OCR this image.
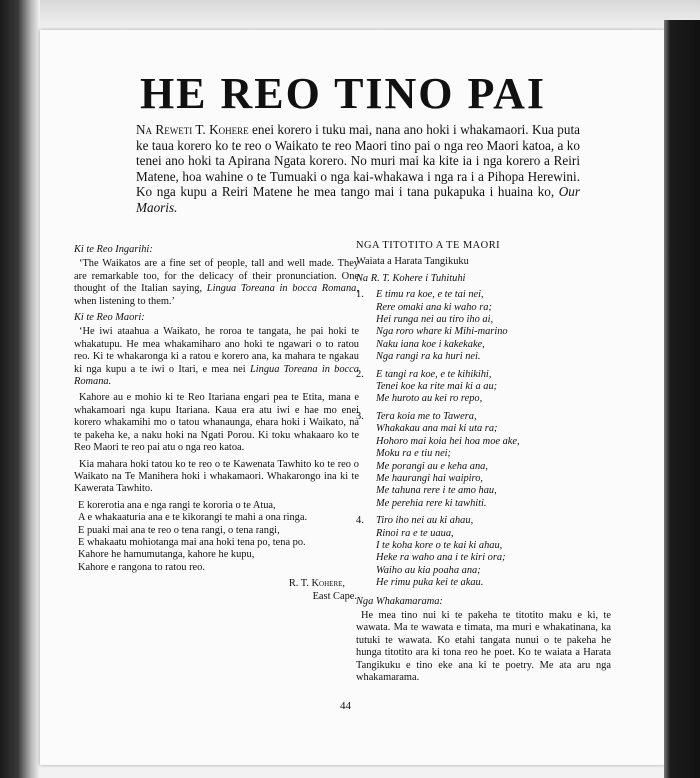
HE REO TINO PAI

Na Reweti T. Kohere enei korero i tuku mai, nana ano hoki i whakamaori. Kua puta ke taua korero ko te reo o Waikato te reo Maori tino pai o nga reo Maori katoa, a ko tenei ano hoki ta Apirana Ngata korero. No muri mai ka kite ia i nga korero a Reiri Matene, hoa wahine o te Tumuaki o nga kai-whakawa i nga ra i a Pihopa Herewini. Ko nga kupu a Reiri Matene he mea tango mai i tana pukapuka i huaina ko, Our Maoris.

Ki te Reo Ingarihi:

‘The Waikatos are a fine set of people, tall and well made. They are remarkable too, for the delicacy of their pronunciation. One thought of the Italian saying, Lingua Toreana in bocca Romana, when listening to them.’

Ki te Reo Maori:

‘He iwi ataahua a Waikato, he roroa te tangata, he pai hoki te whakatupu. He mea whakamiharo ano hoki te ngawari o to ratou reo. Ki te whakaronga ki a ratou e korero ana, ka mahara te ngakau ki nga kupu a te iwi o Itari, e mea nei Lingua Toreana in bocca Romana.

Kahore au e mohio ki te Reo Itariana engari pea te Etita, mana e whakamoari nga kupu Itariana. Kaua era atu iwi e hae mo enei korero whakamihi mo o tatou whanaunga, ehara hoki i Waikato, na te pakeha ke, a naku hoki na Ngati Porou. Ki toku whakaaro ko te Reo Maori te reo pai atu o nga reo katoa.

Kia mahara hoki tatou ko te reo o te Kawenata Tawhito ko te reo o Waikato na Te Manihera hoki i whakamaori. Whakarongo ina ki te Kawerata Tawhito.

E korerotia ana e nga rangi te kororia o te Atua,
A e whakaaturia ana e te kikorangi te mahi a ona ringa.
E puaki mai ana te reo o tena rangi, o tena rangi,
E whakaatu mohiotanga mai ana hoki tena po, tena po.
Kahore he hamumutanga, kahore he kupu,
Kahore e rangona to ratou reo.

R. T. Kohere,
East Cape.

NGA TITOTITO A TE MAORI

Waiata a Harata Tangikuku

Na R. T. Kohere i Tuhituhi

1.	E timu ra koe, e te tai nei,
Rere omaki ana ki waho ra;
Hei runga nei au tiro iho ai,
Nga roro whare ki Mihi-marino
Naku iana koe i kakekake,
Nga rangi ra ka huri nei.
2.	E tangi ra koe, e te kihikihi,
Tenei koe ka rite mai ki a au;
Me huroto au kei ro repo,
3.	Tera koia me to Tawera,
Whakakau ana mai ki uta ra;
Hohoro mai koia hei hoa moe ake,
Moku ra e tiu nei;
Me porangi au e keha ana,
Me haurangi hai waipiro,
Me tahuna rere i te amo hau,
Me perehia rere ki tawhiti.
4.	Tiro iho nei au ki ahau,
Rinoi ra e te uaua,
I te koha kore o te kai ki ahau,
Heke ra waho ana i te kiri ora;
Waiho au kia poaha ana;
He rimu puka kei te akau.

Nga Whakamarama:

He mea tino nui ki te pakeha te titotito maku e ki, te wawata. Ma te wawata e timata, ma muri e whakatinana, ka tutuki te wawata. Ko etahi tangata nunui o te pakeha he hunga titotito ara ki tona reo he poet. Ko te waiata a Harata Tangikuku e tino eke ana ki te poetry. Me ata aru nga whakamarama.

44
